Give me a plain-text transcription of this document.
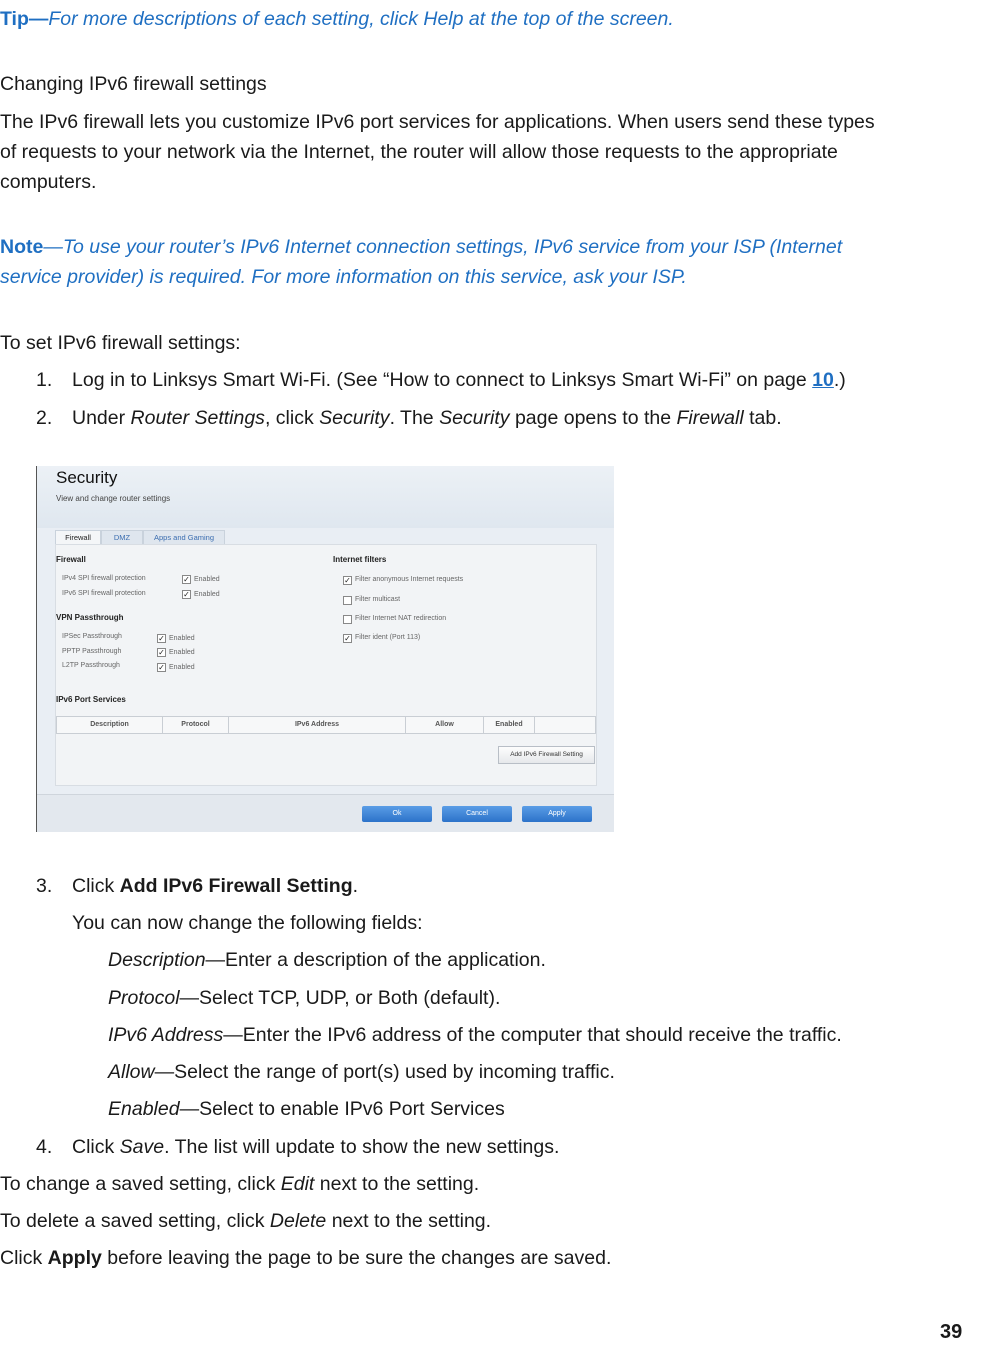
Tip—For more descriptions of each setting, click Help at the top of the screen.
Changing IPv6 firewall settings
The IPv6 firewall lets you customize IPv6 port services for applications. When users send these types
of requests to your network via the Internet, the router will allow those requests to the appropriate
computers.
Note—To use your router’s IPv6 Internet connection settings, IPv6 service from your ISP (Internet
service provider) is required. For more information on this service, ask your ISP.
To set IPv6 firewall settings:
1. Log in to Linksys Smart Wi-Fi. (See “How to connect to Linksys Smart Wi-Fi” on page 10.)
2. Under Router Settings, click Security. The Security page opens to the Firewall tab.
Security
View and change router settings
Firewall	DMZ	Apps and Gaming
Firewall
IPv4 SPI firewall protection	✓ Enabled
IPv6 SPI firewall protection	✓ Enabled
VPN Passthrough
IPSec Passthrough	✓ Enabled
PPTP Passthrough	✓ Enabled
L2TP Passthrough	✓ Enabled
Internet filters
✓ Filter anonymous Internet requests
Filter multicast
Filter Internet NAT redirection
✓ Filter ident (Port 113)
IPv6 Port Services
Description	Protocol	IPv6 Address	Allow	Enabled
Add IPv6 Firewall Setting
Ok	Cancel	Apply
3. Click Add IPv6 Firewall Setting.
You can now change the following fields:
Description—Enter a description of the application.
Protocol—Select TCP, UDP, or Both (default).
IPv6 Address—Enter the IPv6 address of the computer that should receive the traffic.
Allow—Select the range of port(s) used by incoming traffic.
Enabled—Select to enable IPv6 Port Services
4. Click Save. The list will update to show the new settings.
To change a saved setting, click Edit next to the setting.
To delete a saved setting, click Delete next to the setting.
Click Apply before leaving the page to be sure the changes are saved.
39
